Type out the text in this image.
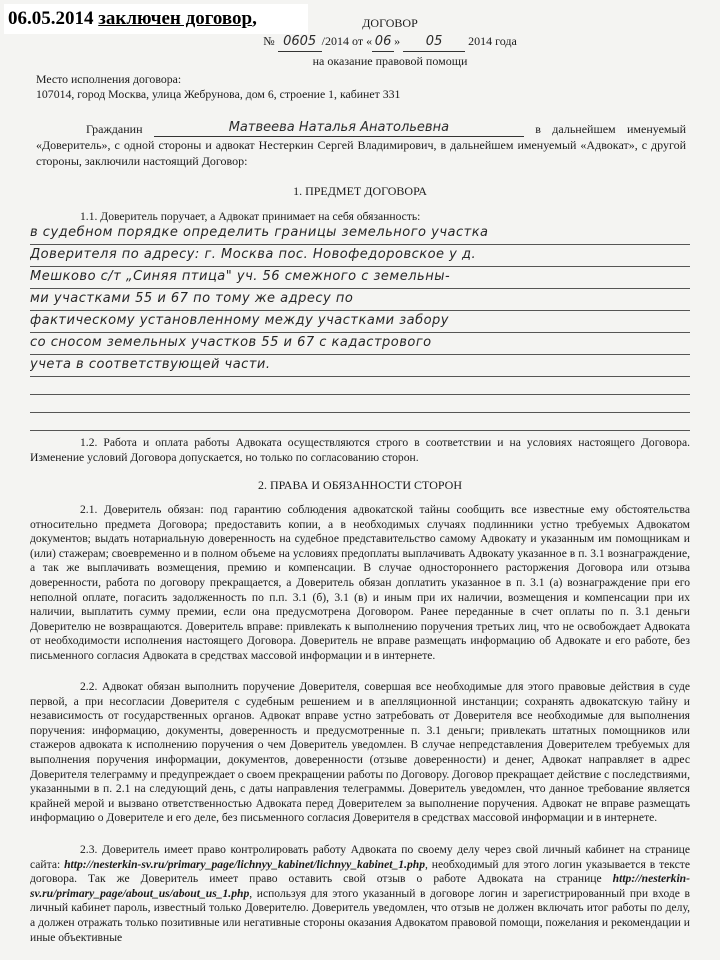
06.05.2014 заключен договор,	ДОГОВОР
№ 0605 /2014 от « 06 » 05 2014 года
на оказание правовой помощи
Место исполнения договора:
107014, город Москва, улица Жебрунова, дом 6, строение 1, кабинет 331
Гражданин	Матвеева Наталья Анатольевна	в дальнейшем именуемый «Доверитель», с одной стороны и адвокат Нестеркин Сергей Владимирович, в дальнейшем именуемый «Адвокат», с другой стороны, заключили настоящий Договор:
1. ПРЕДМЕТ ДОГОВОРА
1.1. Доверитель поручает, а Адвокат принимает на себя обязанность:
в судебном порядке определить границы земельного участка
Доверителя по адресу: г. Москва пос. Новофедоровское у д.
Мешково с/т „Синяя птица" уч. 56 смежного с земельны-
ми участками 55 и 67 по тому же адресу по
фактическому установленному между участками забору
со сносом земельных участков 55 и 67 с кадастрового
учета в соответствующей части.
1.2. Работа и оплата работы Адвоката осуществляются строго в соответствии и на условиях настоящего Договора. Изменение условий Договора допускается, но только по согласованию сторон.
2. ПРАВА И ОБЯЗАННОСТИ СТОРОН
2.1. Доверитель обязан: под гарантию соблюдения адвокатской тайны сообщить все известные ему обстоятельства относительно предмета Договора; предоставить копии, а в необходимых случаях подлинники устно требуемых Адвокатом документов; выдать нотариальную доверенность на судебное представительство самому Адвокату и указанным им помощникам и (или) стажерам; своевременно и в полном объеме на условиях предоплаты выплачивать Адвокату указанное в п. 3.1 вознаграждение, а так же выплачивать возмещения, премию и компенсации. В случае одностороннего расторжения Договора или отзыва доверенности, работа по договору прекращается, а Доверитель обязан доплатить указанное в п. 3.1 (а) вознаграждение при его неполной оплате, погасить задолженность по п.п. 3.1 (б), 3.1 (в) и иным при их наличии, возмещения и компенсации при их наличии, выплатить сумму премии, если она предусмотрена Договором. Ранее переданные в счет оплаты по п. 3.1 деньги Доверителю не возвращаются. Доверитель вправе: привлекать к выполнению поручения третьих лиц, что не освобождает Адвоката от необходимости исполнения настоящего Договора. Доверитель не вправе размещать информацию об Адвокате и его работе, без письменного согласия Адвоката в средствах массовой информации и в интернете.
2.2. Адвокат обязан выполнить поручение Доверителя, совершая все необходимые для этого правовые действия в суде первой, а при несогласии Доверителя с судебным решением и в апелляционной инстанции; сохранять адвокатскую тайну и независимость от государственных органов. Адвокат вправе устно затребовать от Доверителя все необходимые для выполнения поручения: информацию, документы, доверенность и предусмотренные п. 3.1 деньги; привлекать штатных помощников или стажеров адвоката к исполнению поручения о чем Доверитель уведомлен. В случае непредставления Доверителем требуемых для выполнения поручения информации, документов, доверенности (отзыве доверенности) и денег, Адвокат направляет в адрес Доверителя телеграмму и предупреждает о своем прекращении работы по Договору. Договор прекращает действие с последствиями, указанными в п. 2.1 на следующий день, с даты направления телеграммы. Доверитель уведомлен, что данное требование является крайней мерой и вызвано ответственностью Адвоката перед Доверителем за выполнение поручения. Адвокат не вправе размещать информацию о Доверителе и его деле, без письменного согласия Доверителя в средствах массовой информации и в интернете.
2.3. Доверитель имеет право контролировать работу Адвоката по своему делу через свой личный кабинет на странице сайта: http://nesterkin-sv.ru/primary_page/lichnyy_kabinet/lichnyy_kabinet_1.php, необходимый для этого логин указывается в тексте договора. Так же Доверитель имеет право оставить свой отзыв о работе Адвоката на странице http://nesterkin-sv.ru/primary_page/about_us/about_us_1.php, используя для этого указанный в договоре логин и зарегистрированный при входе в личный кабинет пароль, известный только Доверителю. Доверитель уведомлен, что отзыв не должен включать итог работы по делу, а должен отражать только позитивные или негативные стороны оказания Адвокатом правовой помощи, пожелания и рекомендации и иные объективные
